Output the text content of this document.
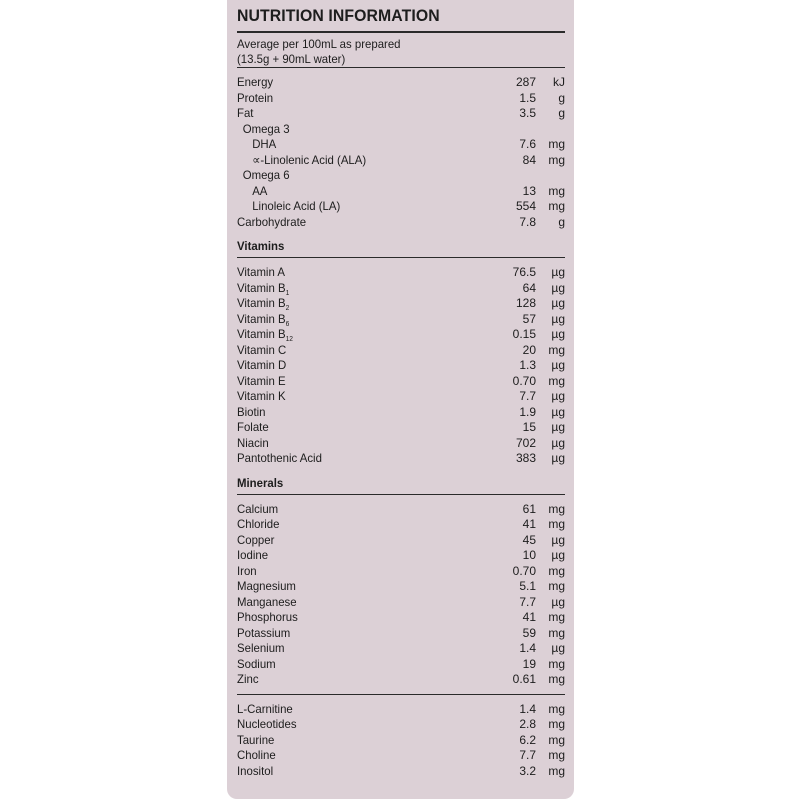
NUTRITION INFORMATION
Average per 100mL as prepared
(13.5g + 90mL water)
Energy	287	kJ
Protein	1.5	g
Fat	3.5	g
Omega 3
DHA	7.6	mg
∝-Linolenic Acid (ALA)	84	mg
Omega 6
AA	13	mg
Linoleic Acid (LA)	554	mg
Carbohydrate	7.8	g
Vitamins
Vitamin A	76.5	µg
Vitamin $B_1$	64	µg
Vitamin $B_2$	128	µg
Vitamin $B_6$	57	µg
Vitamin $B_{12}$	0.15	µg
Vitamin C	20	mg
Vitamin D	1.3	µg
Vitamin E	0.70	mg
Vitamin K	7.7	µg
Biotin	1.9	µg
Folate	15	µg
Niacin	702	µg
Pantothenic Acid	383	µg
Minerals
Calcium	61	mg
Chloride	41	mg
Copper	45	µg
Iodine	10	µg
Iron	0.70	mg
Magnesium	5.1	mg
Manganese	7.7	µg
Phosphorus	41	mg
Potassium	59	mg
Selenium	1.4	µg
Sodium	19	mg
Zinc	0.61	mg
L-Carnitine	1.4	mg
Nucleotides	2.8	mg
Taurine	6.2	mg
Choline	7.7	mg
Inositol	3.2	mg
